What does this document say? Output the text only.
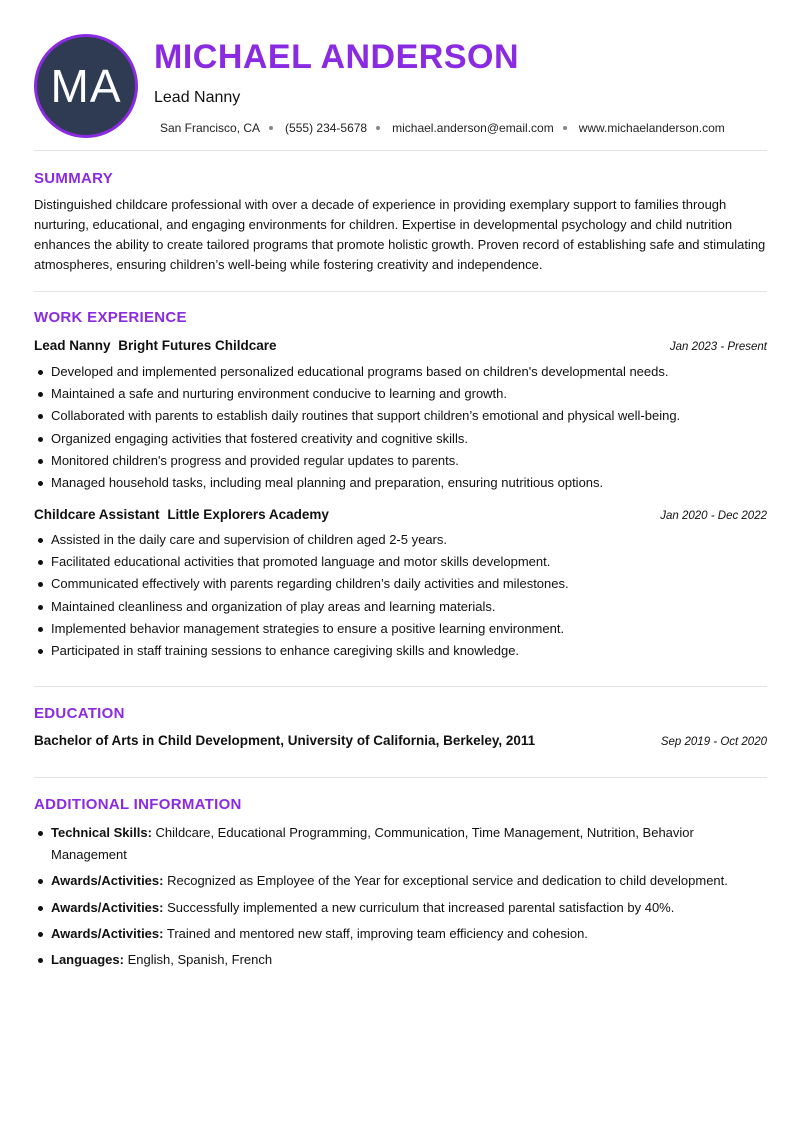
MA
MICHAEL ANDERSON
Lead Nanny
San Francisco, CA (555) 234-5678 michael.anderson@email.com www.michaelanderson.com
SUMMARY
Distinguished childcare professional with over a decade of experience in providing exemplary support to families through nurturing, educational, and engaging environments for children. Expertise in developmental psychology and child nutrition enhances the ability to create tailored programs that promote holistic growth. Proven record of establishing safe and stimulating atmospheres, ensuring children’s well-being while fostering creativity and independence.
WORK EXPERIENCE
Lead Nanny Bright Futures Childcare	Jan 2023 - Present
Developed and implemented personalized educational programs based on children's developmental needs.
Maintained a safe and nurturing environment conducive to learning and growth.
Collaborated with parents to establish daily routines that support children’s emotional and physical well-being.
Organized engaging activities that fostered creativity and cognitive skills.
Monitored children's progress and provided regular updates to parents.
Managed household tasks, including meal planning and preparation, ensuring nutritious options.
Childcare Assistant Little Explorers Academy	Jan 2020 - Dec 2022
Assisted in the daily care and supervision of children aged 2-5 years.
Facilitated educational activities that promoted language and motor skills development.
Communicated effectively with parents regarding children’s daily activities and milestones.
Maintained cleanliness and organization of play areas and learning materials.
Implemented behavior management strategies to ensure a positive learning environment.
Participated in staff training sessions to enhance caregiving skills and knowledge.
EDUCATION
Bachelor of Arts in Child Development, University of California, Berkeley, 2011	Sep 2019 - Oct 2020
ADDITIONAL INFORMATION
Technical Skills: Childcare, Educational Programming, Communication, Time Management, Nutrition, Behavior Management
Awards/Activities: Recognized as Employee of the Year for exceptional service and dedication to child development.
Awards/Activities: Successfully implemented a new curriculum that increased parental satisfaction by 40%.
Awards/Activities: Trained and mentored new staff, improving team efficiency and cohesion.
Languages: English, Spanish, French
